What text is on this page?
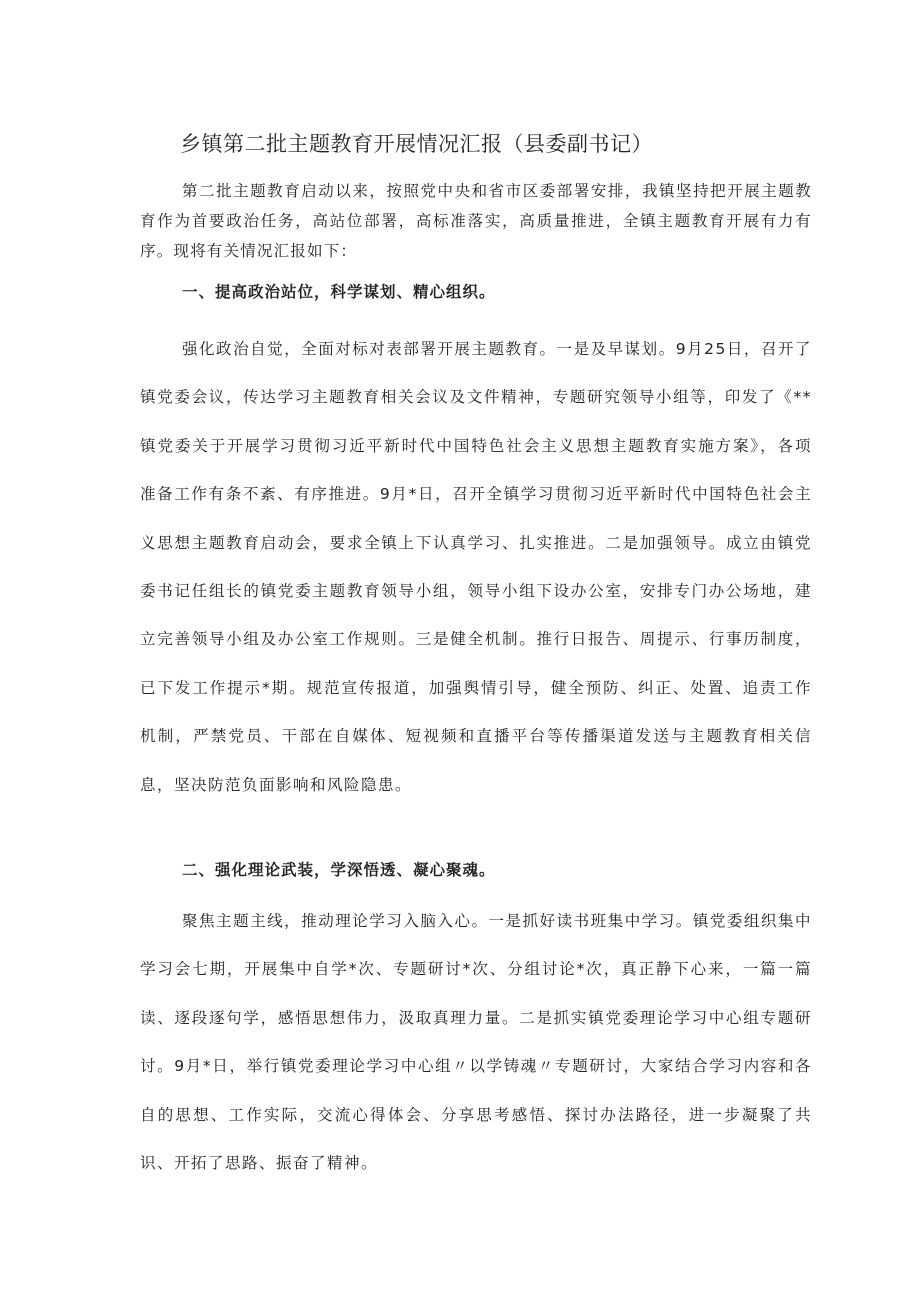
乡镇第二批主题教育开展情况汇报（县委副书记）

第二批主题教育启动以来，按照党中央和省市区委部署安排，我镇坚持把开展主题教育作为首要政治任务，高站位部署，高标准落实，高质量推进，全镇主题教育开展有力有序。现将有关情况汇报如下：

一、提高政治站位，科学谋划、精心组织。

强化政治自觉，全面对标对表部署开展主题教育。一是及早谋划。9月25日，召开了镇党委会议，传达学习主题教育相关会议及文件精神，专题研究领导小组等，印发了《**镇党委关于开展学习贯彻习近平新时代中国特色社会主义思想主题教育实施方案》，各项准备工作有条不紊、有序推进。9月*日，召开全镇学习贯彻习近平新时代中国特色社会主义思想主题教育启动会，要求全镇上下认真学习、扎实推进。二是加强领导。成立由镇党委书记任组长的镇党委主题教育领导小组，领导小组下设办公室，安排专门办公场地，建立完善领导小组及办公室工作规则。三是健全机制。推行日报告、周提示、行事历制度，已下发工作提示*期。规范宣传报道，加强舆情引导，健全预防、纠正、处置、追责工作机制，严禁党员、干部在自媒体、短视频和直播平台等传播渠道发送与主题教育相关信息，坚决防范负面影响和风险隐患。

二、强化理论武装，学深悟透、凝心聚魂。

聚焦主题主线，推动理论学习入脑入心。一是抓好读书班集中学习。镇党委组织集中学习会七期，开展集中自学*次、专题研讨*次、分组讨论*次，真正静下心来，一篇一篇读、逐段逐句学，感悟思想伟力，汲取真理力量。二是抓实镇党委理论学习中心组专题研讨。9月*日，举行镇党委理论学习中心组〃以学铸魂〃专题研讨，大家结合学习内容和各自的思想、工作实际，交流心得体会、分享思考感悟、探讨办法路径，进一步凝聚了共识、开拓了思路、振奋了精神。
